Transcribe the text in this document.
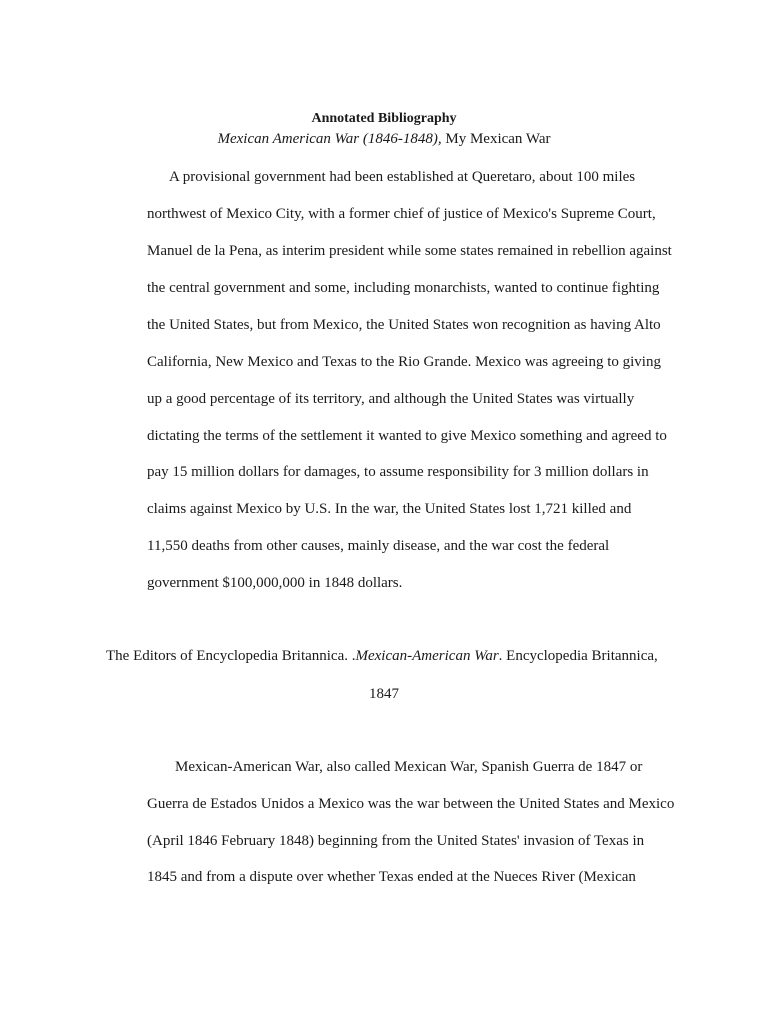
Annotated Bibliography
Mexican American War (1846-1848), My Mexican War
A provisional government had been established at Queretaro, about 100 miles
northwest of Mexico City, with a former chief of justice of Mexico's Supreme Court,
Manuel de la Pena, as interim president while some states remained in rebellion against
the central government and some, including monarchists, wanted to continue fighting
the United States, but from Mexico, the United States won recognition as having Alto
California, New Mexico and Texas to the Rio Grande. Mexico was agreeing to giving
up a good percentage of its territory, and although the United States was virtually
dictating the terms of the settlement it wanted to give Mexico something and agreed to
pay 15 million dollars for damages, to assume responsibility for 3 million dollars in
claims against Mexico by U.S. In the war, the United States lost 1,721 killed and
11,550 deaths from other causes, mainly disease, and the war cost the federal
government $100,000,000 in 1848 dollars.
The Editors of Encyclopedia Britannica. .Mexican-American War. Encyclopedia Britannica,
1847
Mexican-American War, also called Mexican War, Spanish Guerra de 1847 or
Guerra de Estados Unidos a Mexico was the war between the United States and Mexico
(April 1846 February 1848) beginning from the United States' invasion of Texas in
1845 and from a dispute over whether Texas ended at the Nueces River (Mexican
